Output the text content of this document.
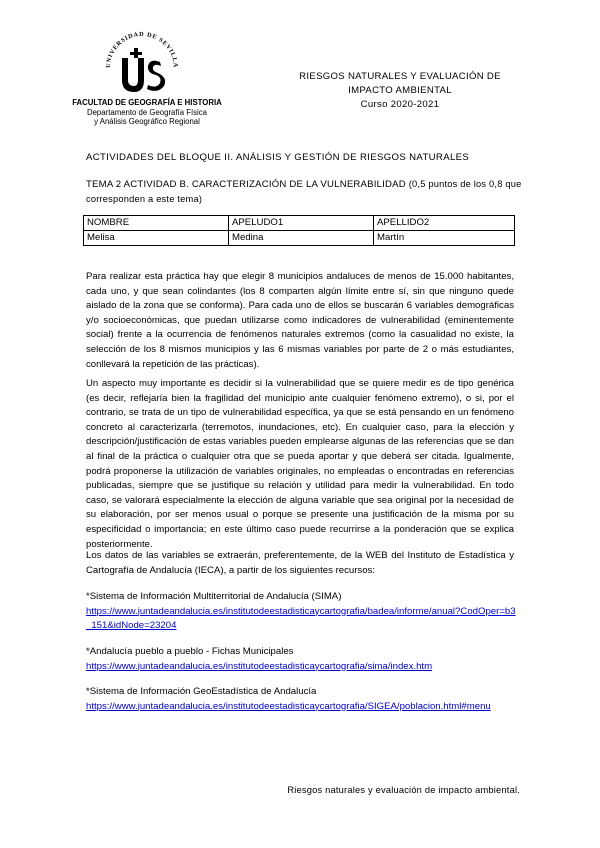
UNIVERSIDAD DE SEVILLA
FACULTAD DE GEOGRAFÍA E HISTORIA
Departamento de Geografía Física
y Análisis Geográfico Regional
RIESGOS NATURALES Y EVALUACIÓN DE
IMPACTO AMBIENTAL
Curso 2020-2021
ACTIVIDADES DEL BLOQUE II. ANÁLISIS Y GESTIÓN DE RIESGOS NATURALES
TEMA 2 ACTIVIDAD B. CARACTERIZACIÓN DE LA VULNERABILIDAD (0,5 puntos de los 0,8 que corresponden a este tema)
NOMBRE	APELUDO1	APELLIDO2
Melisa	Medina	Martín

Para realizar esta práctica hay que elegir 8 municipios andaluces de menos de 15.000 habitantes, cada uno, y que sean colindantes (los 8 comparten algún límite entre sí, sin que ninguno quede aislado de la zona que se conforma). Para cada uno de ellos se buscarán 6 variables demográficas y/o socioeconómicas, que puedan utilizarse como indicadores de vulnerabilidad (eminentemente social) frente a la ocurrencia de fenómenos naturales extremos (como la casualidad no existe, la selección de los 8 mismos municipios y las 6 mismas variables por parte de 2 o más estudiantes, conllevará la repetición de las prácticas).

Un aspecto muy importante es decidir si la vulnerabilidad que se quiere medir es de tipo genérica (es decir, reflejaría bien la fragilidad del municipio ante cualquier fenómeno extremo), o si, por el contrario, se trata de un tipo de vulnerabilidad específica, ya que se está pensando en un fenómeno concreto al caracterizarla (terremotos, inundaciones, etc). En cualquier caso, para la elección y descripción/justificación de estas variables pueden emplearse algunas de las referencias que se dan al final de la práctica o cualquier otra que se pueda aportar y que deberá ser citada. Igualmente, podrá proponerse la utilización de variables originales, no empleadas o encontradas en referencias publicadas, siempre que se justifique su relación y utilidad para medir la vulnerabilidad. En todo caso, se valorará especialmente la elección de alguna variable que sea original por la necesidad de su elaboración, por ser menos usual o porque se presente una justificación de la misma por su especificidad o importancia; en este último caso puede recurrirse a la ponderación que se explica posteriormente.

Los datos de las variables se extraerán, preferentemente, de la WEB del Instituto de Estadística y Cartografía de Andalucía (IECA), a partir de los siguientes recursos:

*Sistema de Información Multiterritorial de Andalucía (SIMA)
https://www.juntadeandalucia.es/institutodeestadisticaycartografia/badea/informe/anual?CodOper=b3_151&idNode=23204
*Andalucía pueblo a pueblo - Fichas Municipales
https://www.juntadeandalucia.es/institutodeestadisticaycartografia/sima/index.htm
*Sistema de Información GeoEstadística de Andalucía
https://www.juntadeandalucia.es/institutodeestadisticaycartografia/SIGEA/poblacion.html#menu
Riesgos naturales y evaluación de impacto ambiental.
